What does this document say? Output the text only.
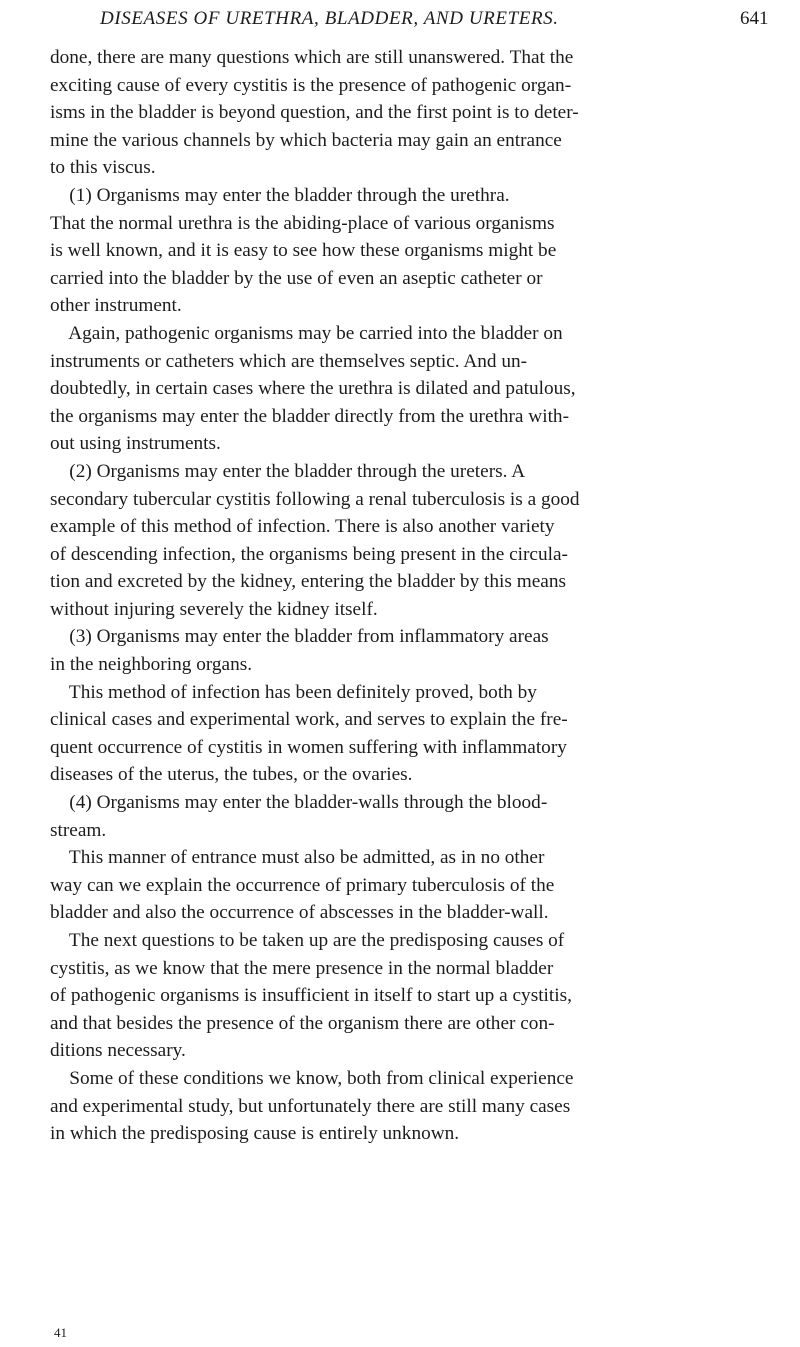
DISEASES OF URETHRA, BLADDER, AND URETERS.	641
done, there are many questions which are still unanswered. That the
exciting cause of every cystitis is the presence of pathogenic organ-
isms in the bladder is beyond question, and the first point is to deter-
mine the various channels by which bacteria may gain an entrance
to this viscus.
(1) Organisms may enter the bladder through the urethra.
That the normal urethra is the abiding-place of various organisms
is well known, and it is easy to see how these organisms might be
carried into the bladder by the use of even an aseptic catheter or
other instrument.
Again, pathogenic organisms may be carried into the bladder on
instruments or catheters which are themselves septic. And un-
doubtedly, in certain cases where the urethra is dilated and patulous,
the organisms may enter the bladder directly from the urethra with-
out using instruments.
(2) Organisms may enter the bladder through the ureters. A
secondary tubercular cystitis following a renal tuberculosis is a good
example of this method of infection. There is also another variety
of descending infection, the organisms being present in the circula-
tion and excreted by the kidney, entering the bladder by this means
without injuring severely the kidney itself.
(3) Organisms may enter the bladder from inflammatory areas
in the neighboring organs.
This method of infection has been definitely proved, both by
clinical cases and experimental work, and serves to explain the fre-
quent occurrence of cystitis in women suffering with inflammatory
diseases of the uterus, the tubes, or the ovaries.
(4) Organisms may enter the bladder-walls through the blood-
stream.
This manner of entrance must also be admitted, as in no other
way can we explain the occurrence of primary tuberculosis of the
bladder and also the occurrence of abscesses in the bladder-wall.
The next questions to be taken up are the predisposing causes of
cystitis, as we know that the mere presence in the normal bladder
of pathogenic organisms is insufficient in itself to start up a cystitis,
and that besides the presence of the organism there are other con-
ditions necessary.
Some of these conditions we know, both from clinical experience
and experimental study, but unfortunately there are still many cases
in which the predisposing cause is entirely unknown.
41
